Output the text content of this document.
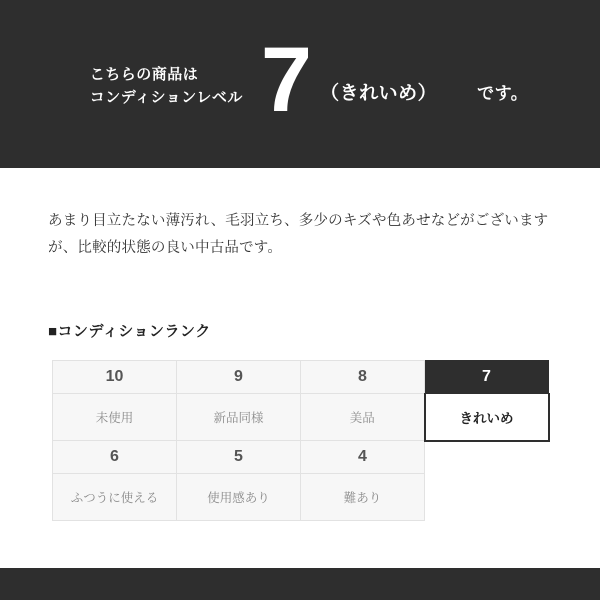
こちらの商品は
コンディションレベル 7 （きれいめ） です。
あまり目立たない薄汚れ、毛羽立ち、多少のキズや色あせなどがございますが、比較的状態の良い中古品です。
■コンディションランク
10	9	8	7
未使用	新品同様	美品	きれいめ
6	5	4	
ふつうに使える	使用感あり	難あり	
